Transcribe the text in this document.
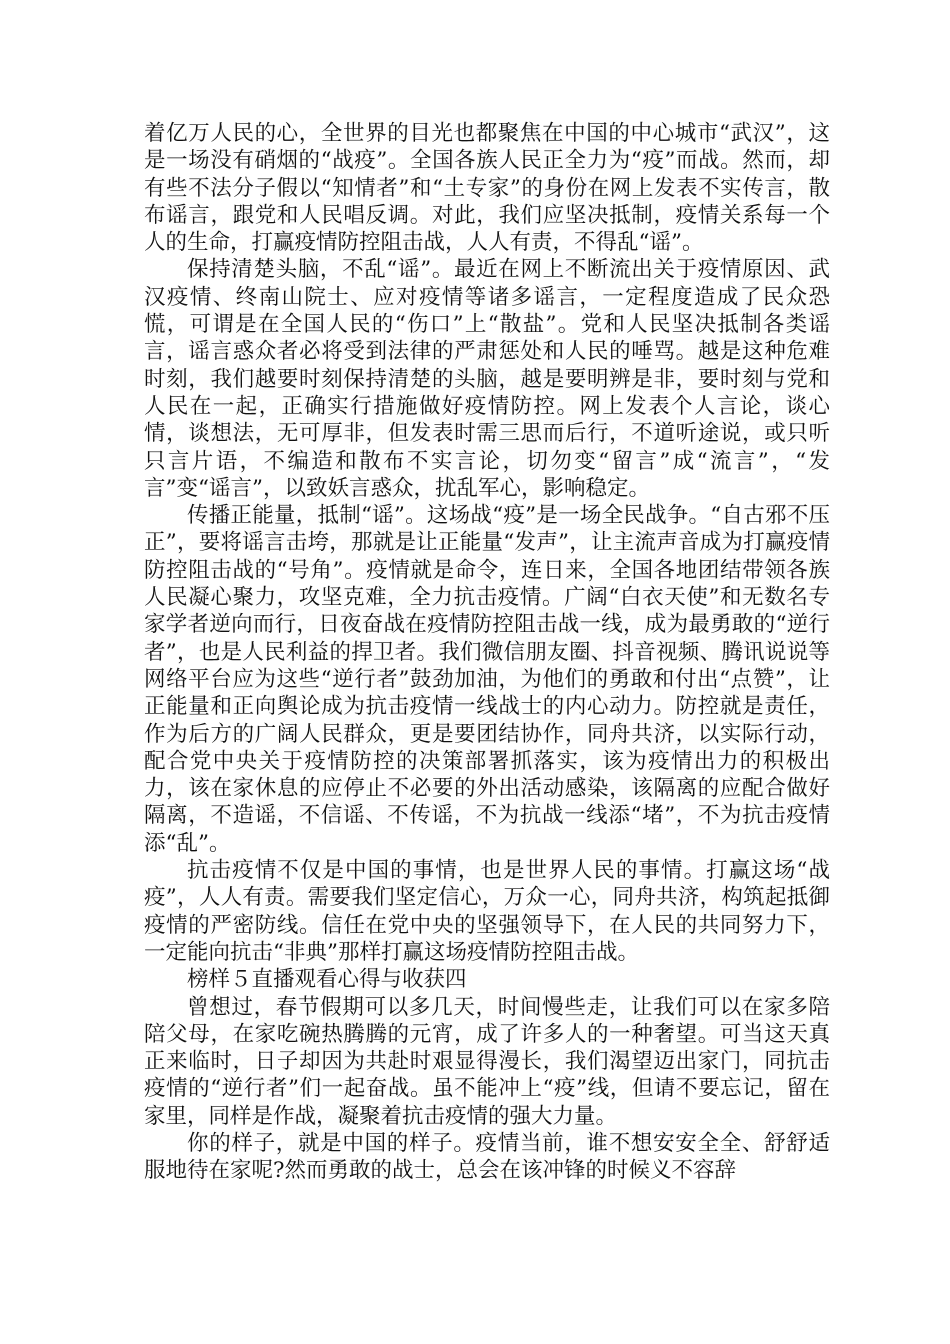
着亿万人民的心，全世界的目光也都聚焦在中国的中心城市“武汉”，这是一场没有硝烟的“战疫”。全国各族人民正全力为“疫”而战。然而，却有些不法分子假以“知情者”和“土专家”的身份在网上发表不实传言，散布谣言，跟党和人民唱反调。对此，我们应坚决抵制，疫情关系每一个人的生命，打赢疫情防控阻击战，人人有责，不得乱“谣”。

保持清楚头脑，不乱“谣”。最近在网上不断流出关于疫情原因、武汉疫情、终南山院士、应对疫情等诸多谣言，一定程度造成了民众恐慌，可谓是在全国人民的“伤口”上“散盐”。党和人民坚决抵制各类谣言，谣言惑众者必将受到法律的严肃惩处和人民的唾骂。越是这种危难时刻，我们越要时刻保持清楚的头脑，越是要明辨是非，要时刻与党和人民在一起，正确实行措施做好疫情防控。网上发表个人言论，谈心情，谈想法，无可厚非，但发表时需三思而后行，不道听途说，或只听只言片语，不编造和散布不实言论，切勿变“留言”成“流言”，“发言”变“谣言”，以致妖言惑众，扰乱军心，影响稳定。

传播正能量，抵制“谣”。这场战“疫”是一场全民战争。“自古邪不压正”，要将谣言击垮，那就是让正能量“发声”，让主流声音成为打赢疫情防控阻击战的“号角”。疫情就是命令，连日来，全国各地团结带领各族人民凝心聚力，攻坚克难，全力抗击疫情。广阔“白衣天使”和无数名专家学者逆向而行，日夜奋战在疫情防控阻击战一线，成为最勇敢的“逆行者”，也是人民利益的捍卫者。我们微信朋友圈、抖音视频、腾讯说说等网络平台应为这些“逆行者”鼓劲加油，为他们的勇敢和付出“点赞”，让正能量和正向舆论成为抗击疫情一线战士的内心动力。防控就是责任，作为后方的广阔人民群众，更是要团结协作，同舟共济，以实际行动，配合党中央关于疫情防控的决策部署抓落实，该为疫情出力的积极出力，该在家休息的应停止不必要的外出活动感染，该隔离的应配合做好隔离，不造谣，不信谣、不传谣，不为抗战一线添“堵”，不为抗击疫情添“乱”。

抗击疫情不仅是中国的事情，也是世界人民的事情。打赢这场“战疫”，人人有责。需要我们坚定信心，万众一心，同舟共济，构筑起抵御疫情的严密防线。信任在党中央的坚强领导下，在人民的共同努力下，一定能向抗击“非典”那样打赢这场疫情防控阻击战。

榜样５直播观看心得与收获四

曾想过，春节假期可以多几天，时间慢些走，让我们可以在家多陪陪父母，在家吃碗热腾腾的元宵，成了许多人的一种奢望。可当这天真正来临时，日子却因为共赴时艰显得漫长，我们渴望迈出家门，同抗击疫情的“逆行者”们一起奋战。虽不能冲上“疫”线，但请不要忘记，留在家里，同样是作战，凝聚着抗击疫情的强大力量。

你的样子，就是中国的样子。疫情当前，谁不想安安全全、舒舒适服地待在家呢?然而勇敢的战士，总会在该冲锋的时候义不容辞
